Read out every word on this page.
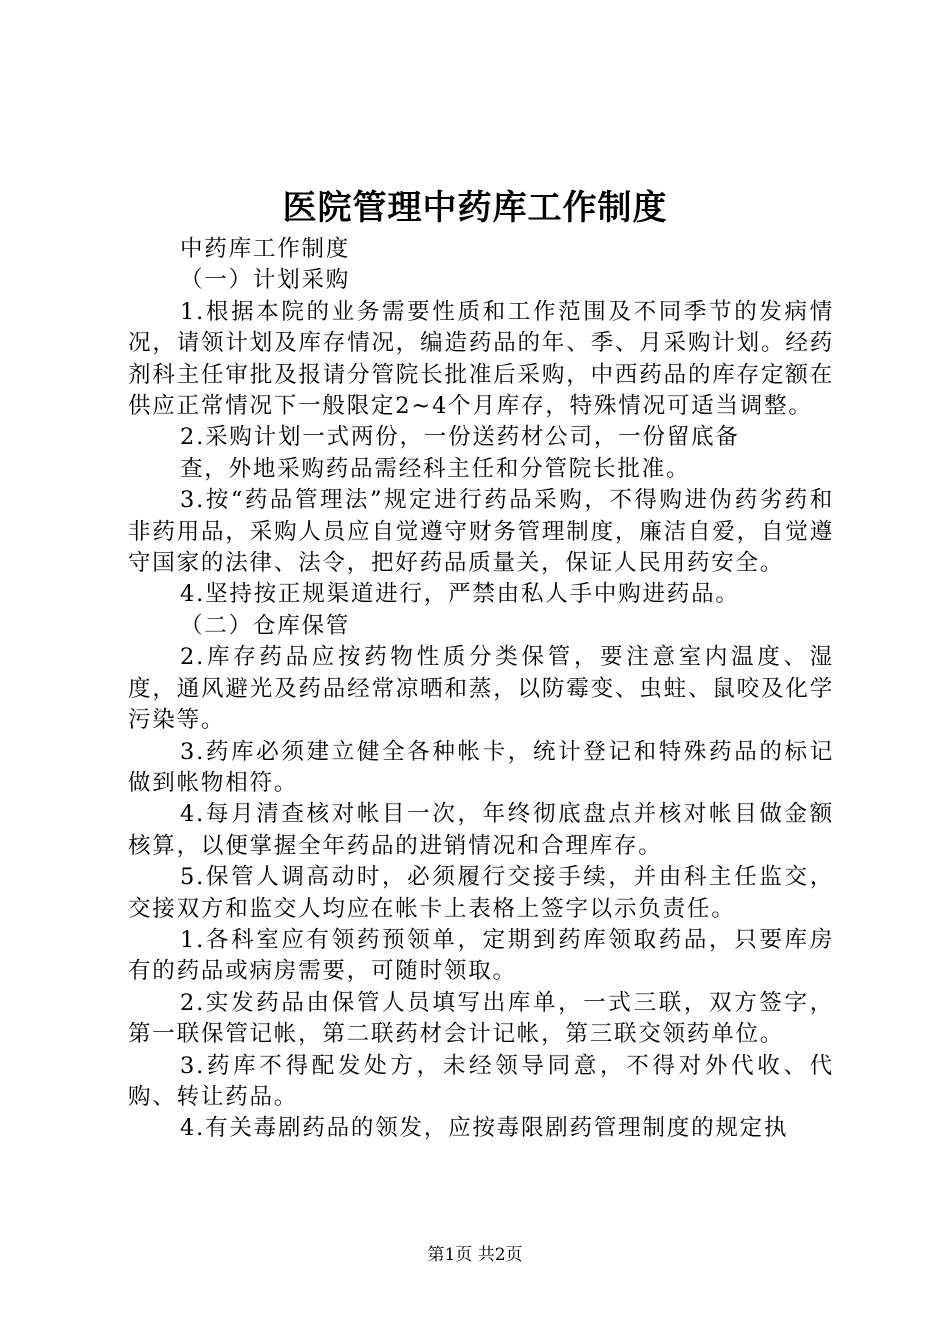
医院管理中药库工作制度

中药库工作制度

（一）计划采购

1.根据本院的业务需要性质和工作范围及不同季节的发病情况，请领计划及库存情况，编造药品的年、季、月采购计划。经药剂科主任审批及报请分管院长批准后采购，中西药品的库存定额在供应正常情况下一般限定2~4个月库存，特殊情况可适当调整。

2.采购计划一式两份，一份送药材公司，一份留底备

查，外地采购药品需经科主任和分管院长批准。

3.按“药品管理法”规定进行药品采购，不得购进伪药劣药和非药用品，采购人员应自觉遵守财务管理制度，廉洁自爱，自觉遵守国家的法律、法令，把好药品质量关，保证人民用药安全。

4.坚持按正规渠道进行，严禁由私人手中购进药品。

（二）仓库保管

2.库存药品应按药物性质分类保管，要注意室内温度、湿度，通风避光及药品经常凉晒和蒸，以防霉变、虫蛀、鼠咬及化学污染等。

3.药库必须建立健全各种帐卡，统计登记和特殊药品的标记做到帐物相符。

4.每月清查核对帐目一次，年终彻底盘点并核对帐目做金额核算，以便掌握全年药品的进销情况和合理库存。

5.保管人调高动时，必须履行交接手续，并由科主任监交，交接双方和监交人均应在帐卡上表格上签字以示负责任。

1.各科室应有领药预领单，定期到药库领取药品，只要库房有的药品或病房需要，可随时领取。

2.实发药品由保管人员填写出库单，一式三联，双方签字，第一联保管记帐，第二联药材会计记帐，第三联交领药单位。

3.药库不得配发处方，未经领导同意，不得对外代收、代购、转让药品。

4.有关毒剧药品的领发，应按毒限剧药管理制度的规定执

第1页 共2页
